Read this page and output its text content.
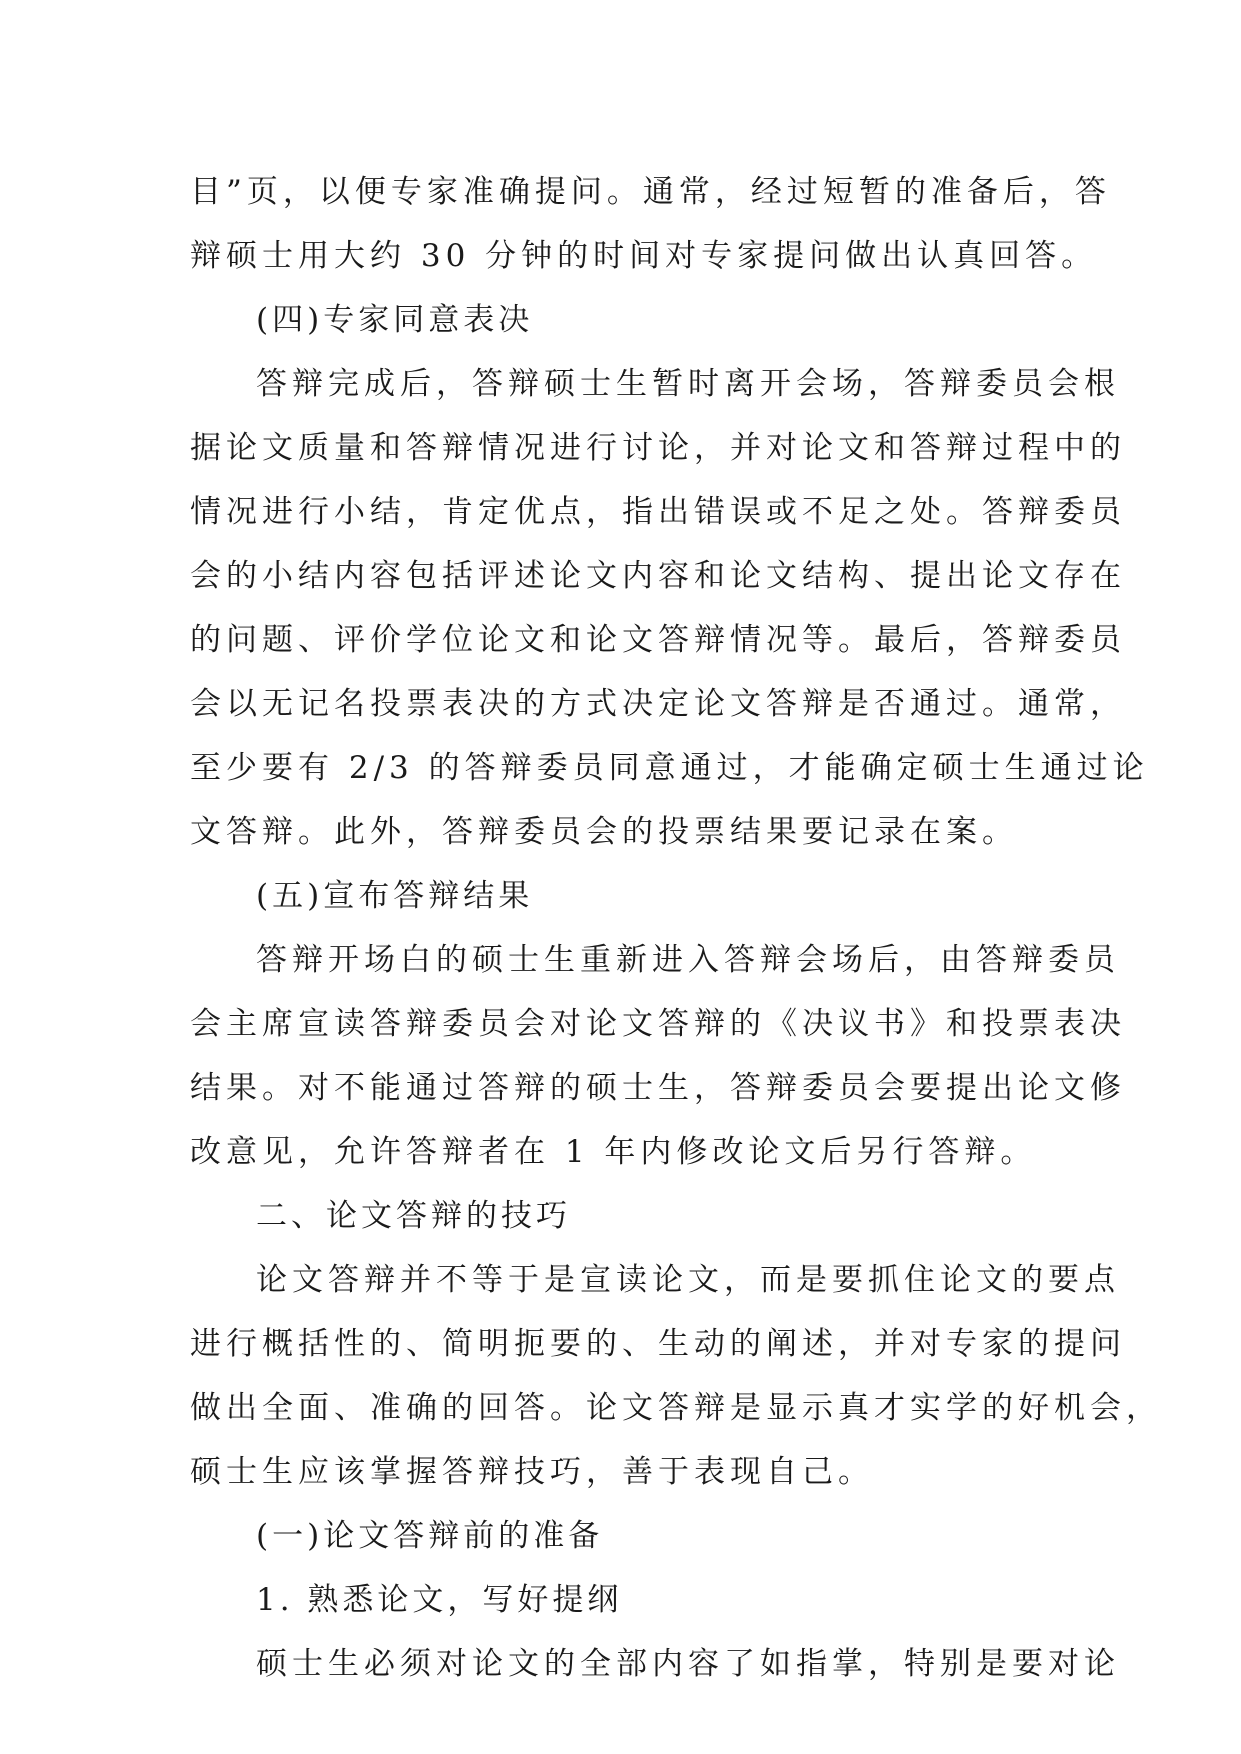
目”页，以便专家准确提问。通常，经过短暂的准备后，答
辩硕士用大约 30 分钟的时间对专家提问做出认真回答。
(四)专家同意表决
答辩完成后，答辩硕士生暂时离开会场，答辩委员会根
据论文质量和答辩情况进行讨论，并对论文和答辩过程中的
情况进行小结，肯定优点，指出错误或不足之处。答辩委员
会的小结内容包括评述论文内容和论文结构、提出论文存在
的问题、评价学位论文和论文答辩情况等。最后，答辩委员
会以无记名投票表决的方式决定论文答辩是否通过。通常，
至少要有 2/3 的答辩委员同意通过，才能确定硕士生通过论
文答辩。此外，答辩委员会的投票结果要记录在案。
(五)宣布答辩结果
答辩开场白的硕士生重新进入答辩会场后，由答辩委员
会主席宣读答辩委员会对论文答辩的《决议书》和投票表决
结果。对不能通过答辩的硕士生，答辩委员会要提出论文修
改意见，允许答辩者在 1 年内修改论文后另行答辩。
二、论文答辩的技巧
论文答辩并不等于是宣读论文，而是要抓住论文的要点
进行概括性的、简明扼要的、生动的阐述，并对专家的提问
做出全面、准确的回答。论文答辩是显示真才实学的好机会，
硕士生应该掌握答辩技巧，善于表现自己。
(一)论文答辩前的准备
1. 熟悉论文，写好提纲
硕士生必须对论文的全部内容了如指掌，特别是要对论
